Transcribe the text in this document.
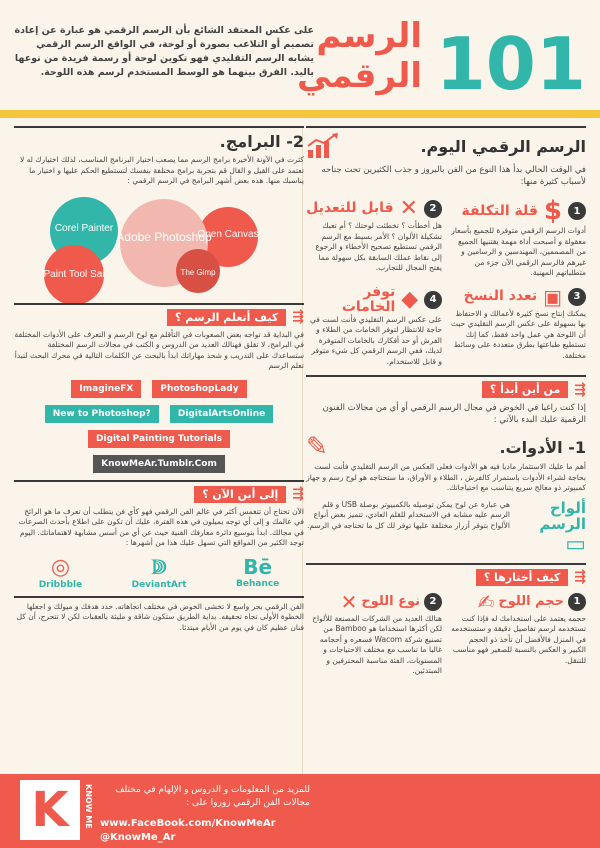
101
الرسم
الرقمي
على عكس المعتقد الشائع بأن الرسم الرقمي هو عبارة عن إعادة تصميم أو التلاعب بصورة أو لوحة، في الواقع الرسم الرقمي يشابه الرسم التقليدي فهو تكوين لوحة أو رسمة فريدة من نوعها باليد. الفرق بينهما هو الوسط المستخدم لرسم هذه اللوحة.
الرسم الرقمي اليوم.
في الوقت الحالي بدأ هذا النوع من الفن بالبروز و جذب الكثيرين تحت جناحه لأسباب كثيرة منها:
1
$
قلة التكلفة
أدوات الرسم الرقمي متوفرة للجميع بأسعار معقولة و أصبحت أداة مهمة يقتنيها الجميع من المصممين، المهندسين و الرسامين و غيرهم فالرسم الرقمي الآن جزء من متطلباتهم المهنية.
2
✕
قابل للتعديل
هل أخطأت ؟ تخطئت لوحتك ؟ أم تعبك تشكيلة الألوان ؟ الأمر بسيط مع الرسم الرقمي تستطيع تصحيح الأخطاء و الرجوع إلى نقاط عملك السابقة بكل سهولة مما يفتح المجال للتجارب.
3
▣
تعدد النسخ
يمكنك إنتاج نسخ كثيرة لأعمالك و الاحتفاظ بها بسهولة على عكس الرسم التقليدي حيث أن اللوحة هي عمل واحد فقط، كما إنك تستطيع طباعتها بطرق متعددة على وسائط مختلفة.
4
◆
توفر الخامات
على عكس الرسم التقليدي فأنت لست في حاجة للانتظار لتوفر الخامات من الطلاء و الفرش أو حد أفكارك بالخامات المتوفرة لديك، ففي الرسم الرقمي كل شيء متوفر و قابل للاستخدام.
⇶
من أين أبدأ ؟
إذا كنت راغبا في الخوض في مجال الرسم الرقمي أو أي من مجالات الفنون الرقمية عليك البدء بالآتي :
1- الأدوات.
✎
أهم ما عليك الاستثمار ماديا فيه هو الأدوات فعلى العكس من الرسم التقليدي فأنت لست بحاجة لشراء الأدوات باستمرار كالفرش ، الطلاء و الأوراق، ما ستحتاجه هو لوح رسم و جهاز كمبيوتر ذو معالج سريع يتناسب مع احتياجاتك.
ألواح الرسم
▭
هي عبارة عن لوح يمكن توصيله بالكمبيوتر بوصلة USB و قلم الرسم عليه مشابه في الاستخدام للقلم العادي، تتميز بعض أنواع الألواح بتوفر أزرار مختلفة عليها توفر لك كل ما تحتاجه في الرسم.
⇶
كيف أختارها ؟
1
حجم اللوح
✍
حجمه يعتمد على استخدامك له فإذا كنت تستخدمه لرسم تفاصيل دقيقة و ستستخدمه في المنزل فالأفضل أن تأخذ ذو الحجم الكبير و العكس بالنسبة للصغير فهو مناسب للتنقل.
2
نوع اللوح
✕
هنالك العديد من الشركات المصنعة للألواح لكن أكثرها استخداما هو Bamboo من تصنيع شركة Wacom فسعره و أحجامه غالبا ما تناسب مع مختلف الاحتياجات و المستويات، الفئة مناسبة المحترفين و المبتدئين.
2- البرامج.
كثرت في الآونة الأخيرة برامج الرسم مما يصعب اختيار البرنامج المناسب، لذلك اختيارك له لا تعتمد على القيل و القال قم بتجربة برامج مختلفة بنفسك لتستطيع الحكم عليها و اختيار ما يناسبك منها. هذه بعض أشهر البرامج في الرسم الرقمي :
Adobe Photoshop
Corel Painter
Open Canvas
Paint Tool Sai	The Gimp
⇶
كيف أتعلم الرسم ؟
في البداية قد تواجه بعض الصعوبات في التأقلم مع لوح الرسم و التعرف على الأدوات المختلفة في البرامج، لا تقلق فهنالك العديد من الدروس و الكتب في مجالات الرسم المختلفة ستساعدك على التدريب و شحذ مهاراتك ابدأ بالبحث عن الكلمات التالية في محرك البحث لتبدأ تعلم الرسم
ImagineFX	PhotoshopLady New to Photoshop?	DigitalArtsOnline Digital Painting Tutorials KnowMeAr.Tumblr.Com
⇶
إلى أين الآن ؟
الآن تحتاج أن تتغمس أكثر في عالم الفن الرقمي فهو كأي فن يتطلب أن تعرف ما هو الرائج في عالمك و إلى أي توجه يميلون في هذه الفترة، عليك أن تكون على اطلاع بأحدث الصرعات في مجالك. ابدأ بتوسيع دائرة معارفك الفنية حيث عن أي من أسس مشابهة لاهتماماتك. اليوم توجد الكثير من المواقع التي تسهل عليك هذا من أشهرها :
◎
Dribbble
ↇ
DeviantArt
Bē
Behance
الفن الرقمي بحر واسع لا تخشى الخوض في مختلف اتجاهاته. حدد هدفك و ميولك و اجعلها الخطوة الأولى تجاه تحقيقه. بداية الطريق ستكون شاقة و مليئة بالعقبات لكن لا تتحرج، أن كل فنان عظيم كان في يوم من الأيام مبتدئا.
K	KNOW ME	للمزيد من المعلومات و الدروس و الإلهام في مختلف مجالات الفن الرقمي زوروا على :
www.FaceBook.com/KnowMeAr
@KnowMe_Ar
